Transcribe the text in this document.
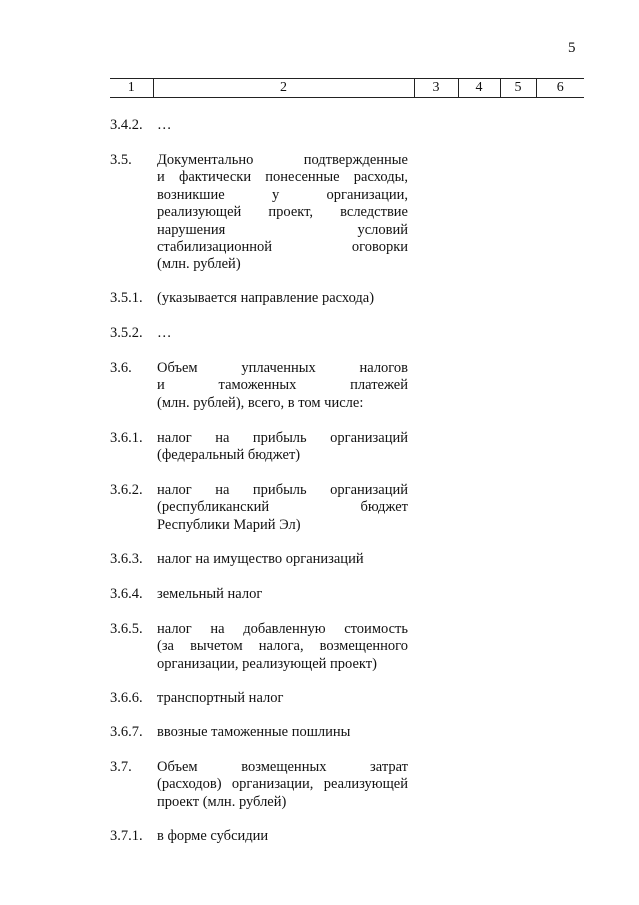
5
1	2	3	4	5	6
3.4.2. …
3.5. Документально подтвержденные
и фактически понесенные расходы,
возникшие у организации,
реализующей проект, вследствие
нарушения условий
стабилизационной оговорки
(млн. рублей)
3.5.1. (указывается направление расхода)
3.5.2. …
3.6. Объем уплаченных налогов
и таможенных платежей
(млн. рублей), всего, в том числе:
3.6.1. налог на прибыль организаций
(федеральный бюджет)
3.6.2. налог на прибыль организаций
(республиканский бюджет
Республики Марий Эл)
3.6.3. налог на имущество организаций
3.6.4. земельный налог
3.6.5. налог на добавленную стоимость
(за вычетом налога, возмещенного
организации, реализующей проект)
3.6.6. транспортный налог
3.6.7. ввозные таможенные пошлины
3.7. Объем возмещенных затрат
(расходов) организации, реализующей
проект (млн. рублей)
3.7.1. в форме субсидии
